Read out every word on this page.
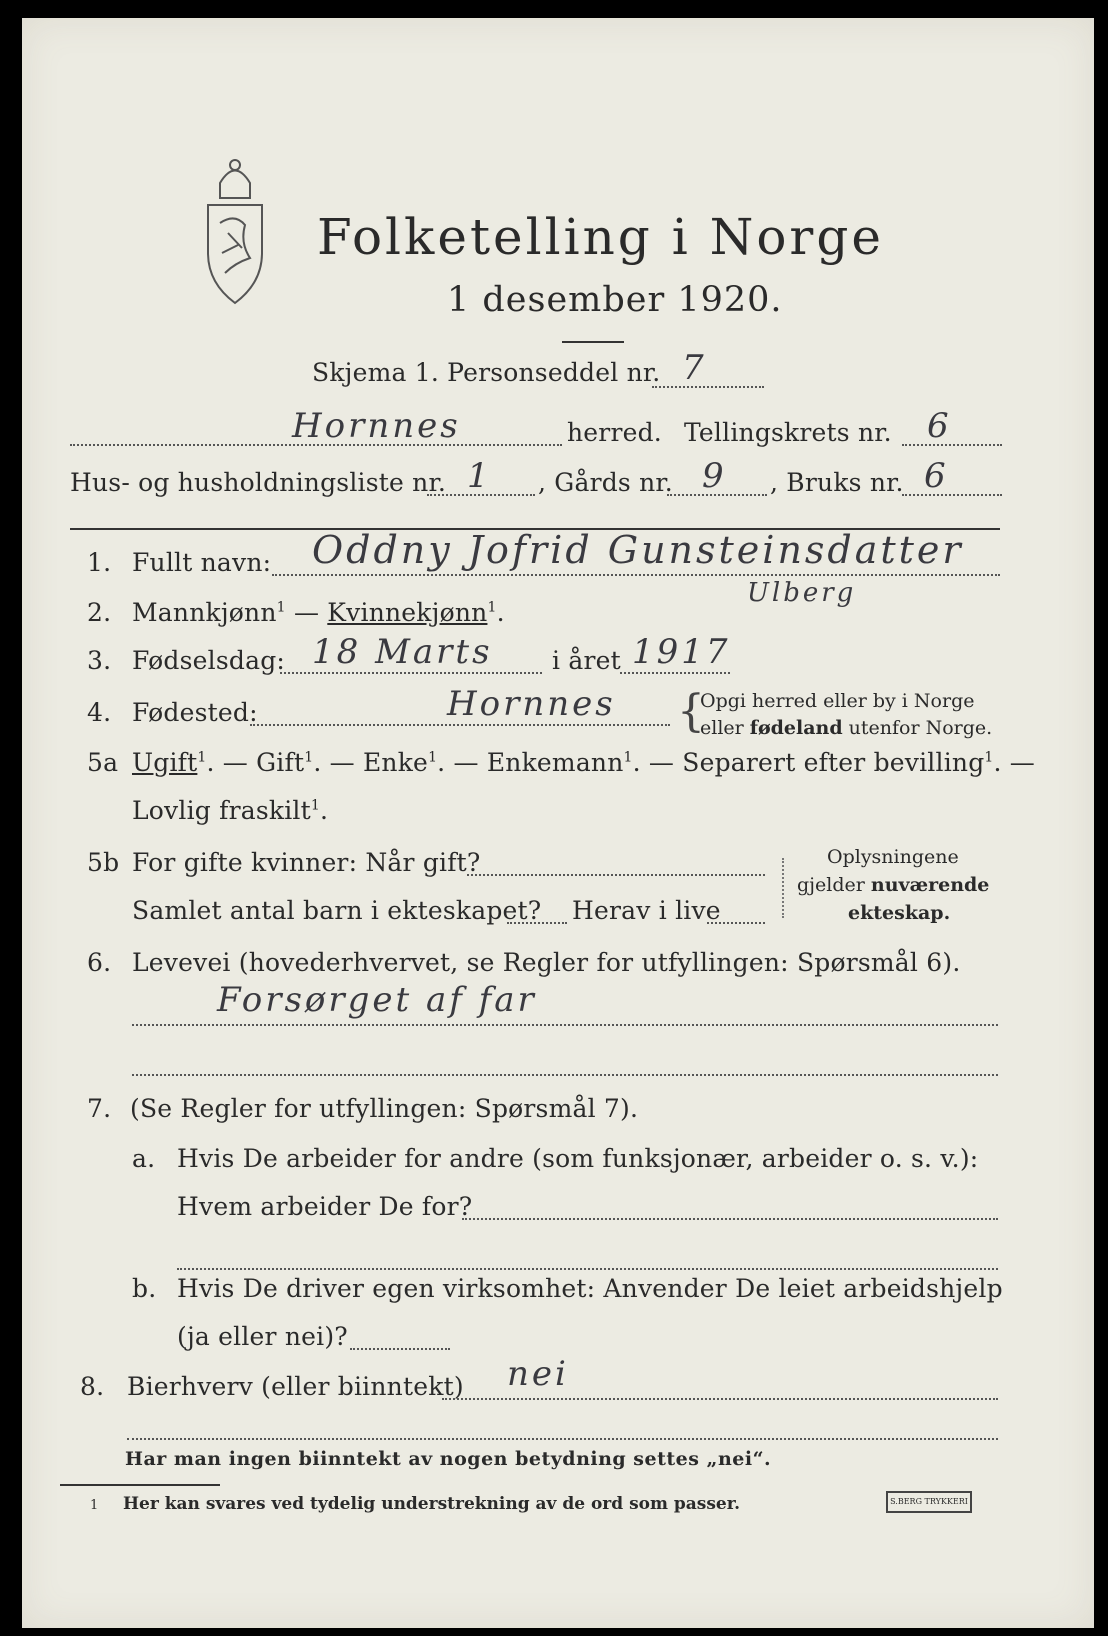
Folketelling i Norge
1 desember 1920.
Skjema 1. Personseddel nr. 7
Hornnes	herred. Tellingskrets nr. 6
Hus- og husholdningsliste nr. 1 , Gårds nr. 9 , Bruks nr. 6
1. Fullt navn: Oddny Jofrid Gunsteinsdatter
Ulberg
2. Mannkjønn$^1$ — Kvinnekjønn$^1$.
3. Fødselsdag: 18 Marts i året 1917
4. Fødested:	Hornnes {
Opgi herred eller by i Norge
eller fødeland utenfor Norge.
5a Ugift$^1$. — Gift$^1$. — Enke$^1$. — Enkemann$^1$. — Separert efter bevilling$^1$. —
Lovlig fraskilt$^1$.
5b For gifte kvinner: Når gift?
Samlet antal barn i ekteskapet? Herav i live
Oplysningene
gjelder nuværende
ekteskap.
6. Levevei (hovederhvervet, se Regler for utfyllingen: Spørsmål 6).
Forsørget af far
7. (Se Regler for utfyllingen: Spørsmål 7).
a. Hvis De arbeider for andre (som funksjonær, arbeider o. s. v.):
Hvem arbeider De for?
b. Hvis De driver egen virksomhet: Anvender De leiet arbeidshjelp
(ja eller nei)?
8. Bierhverv (eller biinntekt) nei
Har man ingen biinntekt av nogen betydning settes „nei“.
1 Her kan svares ved tydelig understrekning av de ord som passer.	S.BERG TRYKKERI
